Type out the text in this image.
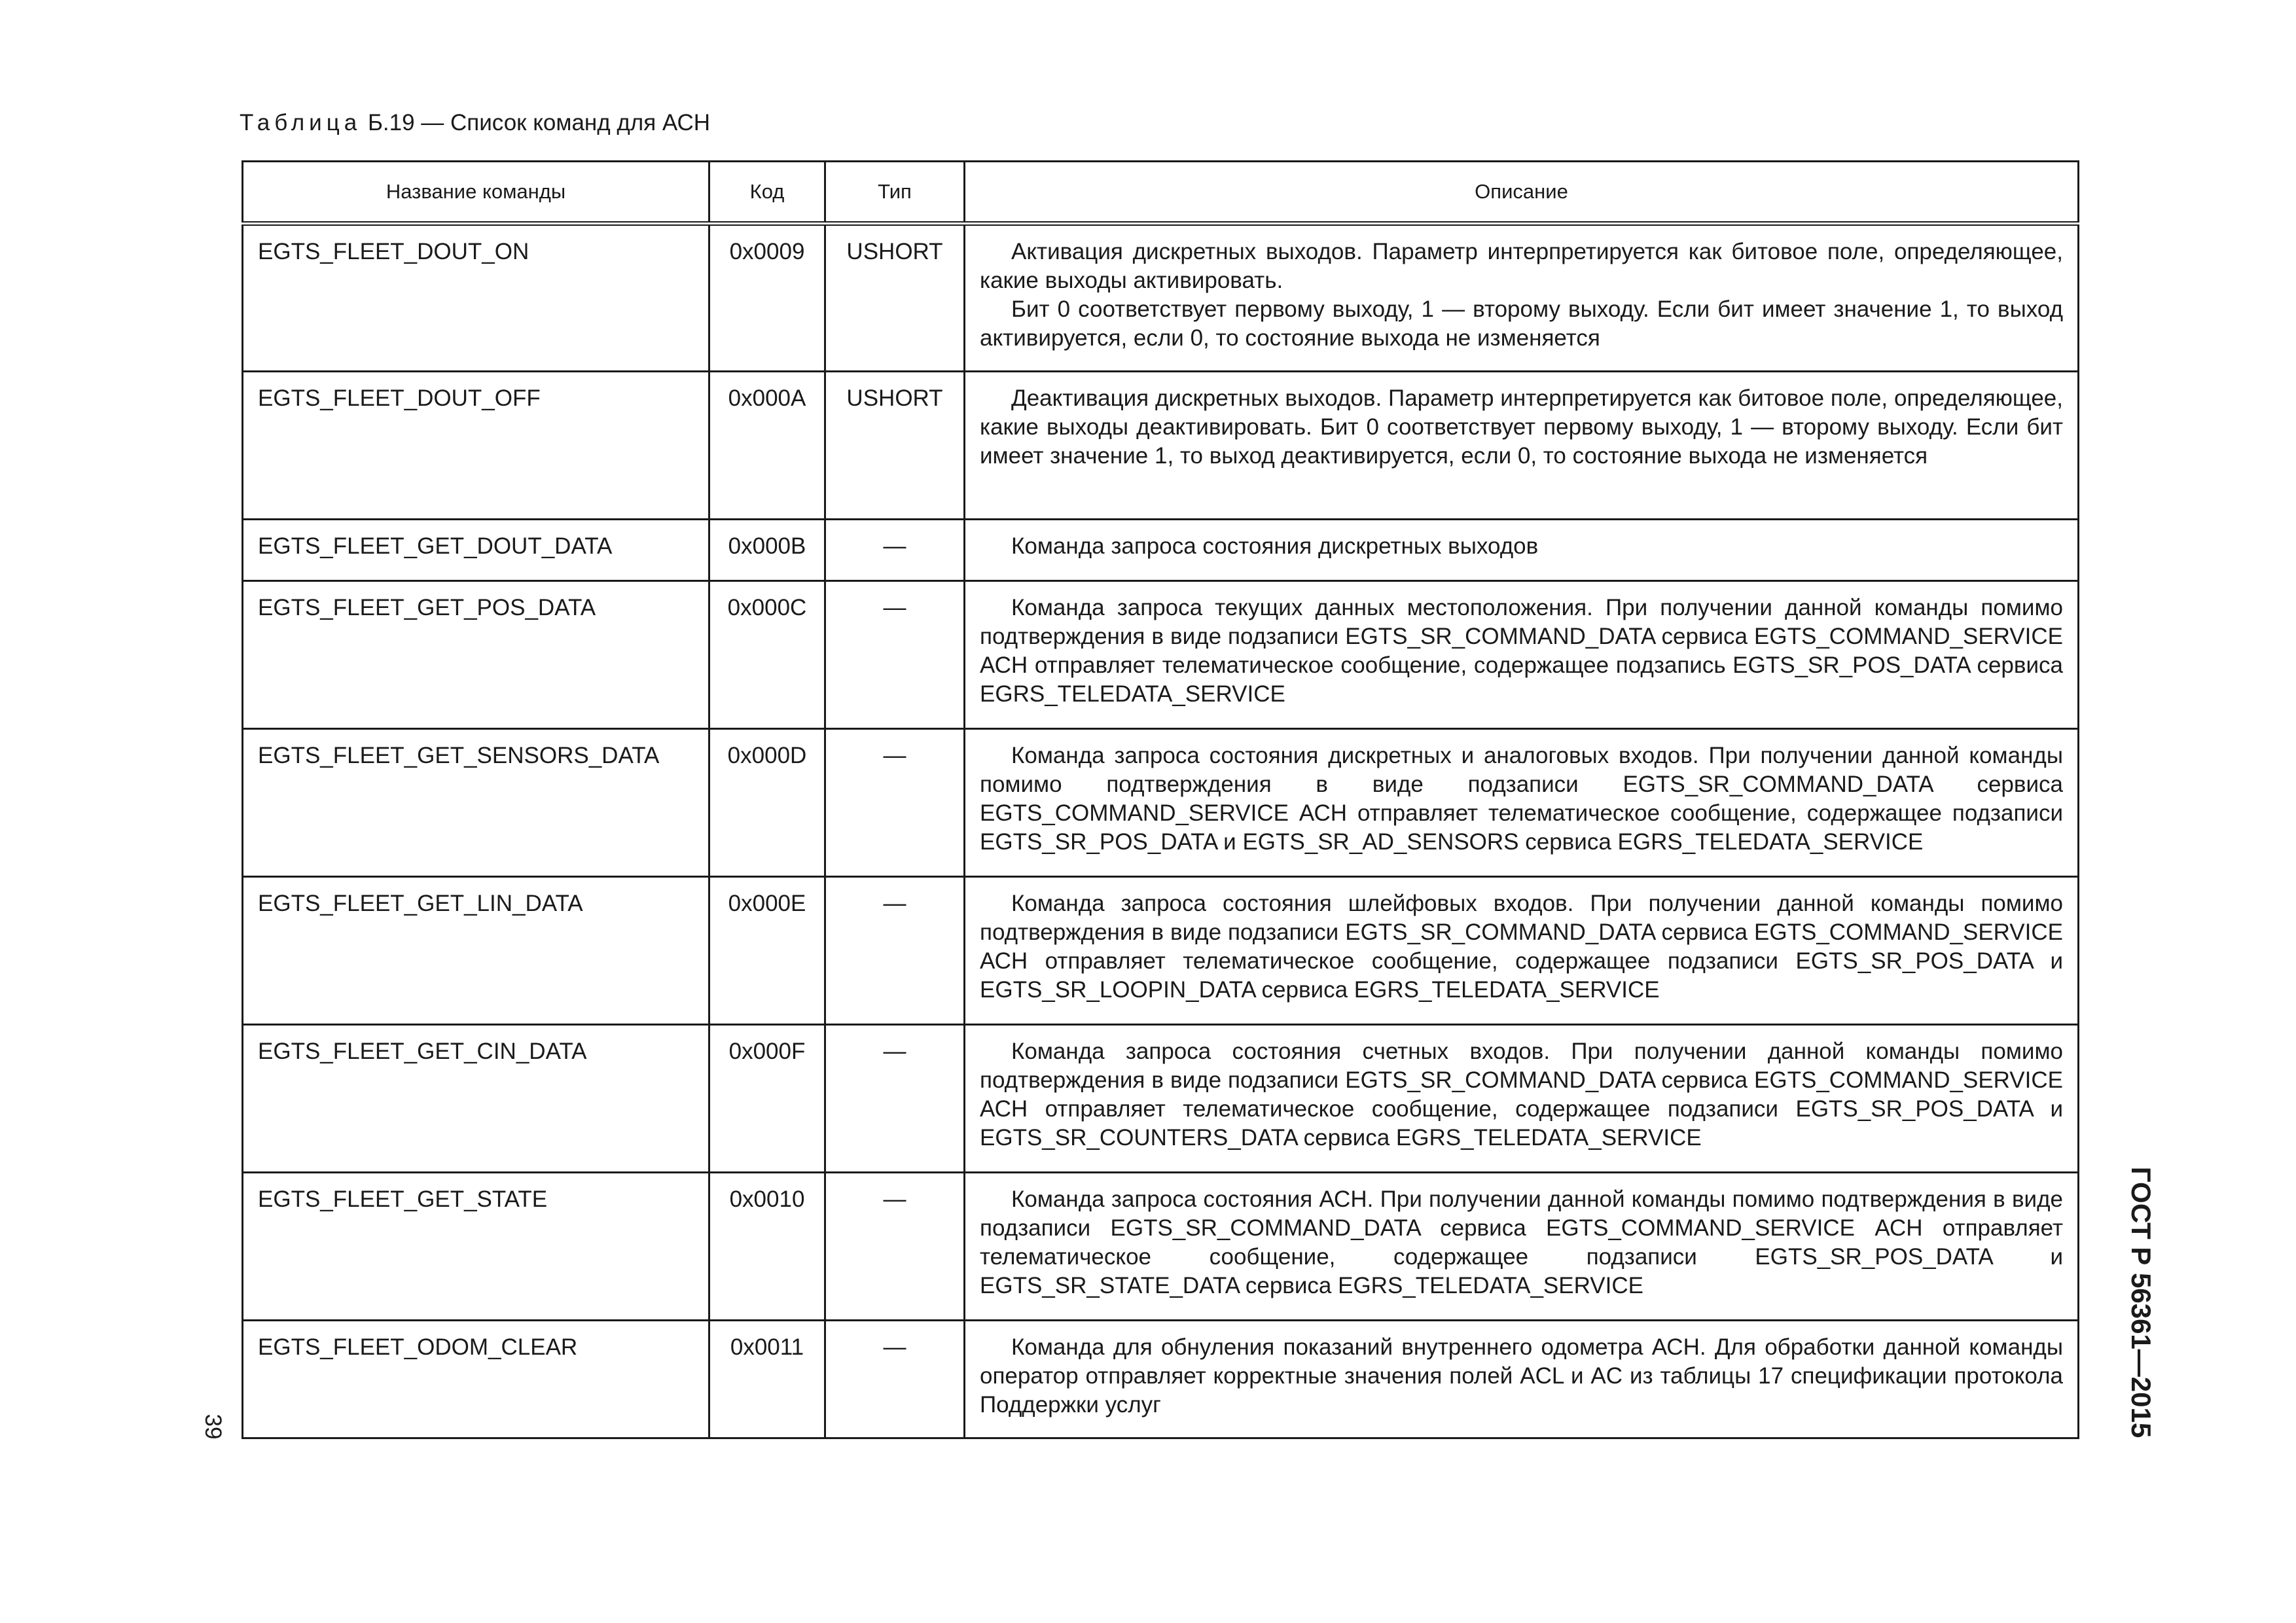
Таблица Б.19 — Список команд для АСН
Название команды	Код	Тип	Описание
EGTS_FLEET_DOUT_ON	0x0009	USHORT	Активация дискретных выходов. Параметр интерпретируется как битовое поле, определяющее, какие выходы активировать.

Бит 0 соответствует первому выходу, 1 — второму выходу. Если бит имеет значение 1, то выход активируется, если 0, то состояние выхода не изменяется

EGTS_FLEET_DOUT_OFF	0x000A	USHORT	Деактивация дискретных выходов. Параметр интерпретируется как битовое поле, определяющее, какие выходы деактивировать. Бит 0 соответствует первому выходу, 1 — второму выходу. Если бит имеет значение 1, то выход деактивируется, если 0, то состояние выхода не изменяется

EGTS_FLEET_GET_DOUT_DATA	0x000B	—	Команда запроса состояния дискретных выходов

EGTS_FLEET_GET_POS_DATA	0x000C	—	Команда запроса текущих данных местоположения. При получении данной команды помимо подтверждения в виде подзаписи EGTS_SR_COMMAND_DATA сервиса EGTS_COMMAND_SERVICE АСН отправляет телематическое сообщение, содержащее подзапись EGTS_SR_POS_DATA сервиса EGRS_TELEDATA_SERVICE

EGTS_FLEET_GET_SENSORS_DATA	0x000D	—	Команда запроса состояния дискретных и аналоговых входов. При получении данной команды помимо подтверждения в виде подзаписи EGTS_SR_COMMAND_DATA сервиса EGTS_COMMAND_SERVICE АСН отправляет телематическое сообщение, содержащее подзаписи EGTS_SR_POS_DATA и EGTS_SR_AD_SENSORS сервиса EGRS_TELEDATA_SERVICE

EGTS_FLEET_GET_LIN_DATA	0x000E	—	Команда запроса состояния шлейфовых входов. При получении данной команды помимо подтверждения в виде подзаписи EGTS_SR_COMMAND_DATA сервиса EGTS_COMMAND_SERVICE АСН отправляет телематическое сообщение, содержащее подзаписи EGTS_SR_POS_DATA и EGTS_SR_LOOPIN_DATA сервиса EGRS_TELEDATA_SERVICE

EGTS_FLEET_GET_CIN_DATA	0x000F	—	Команда запроса состояния счетных входов. При получении данной команды помимо подтверждения в виде подзаписи EGTS_SR_COMMAND_DATA сервиса EGTS_COMMAND_SERVICE АСН отправляет телематическое сообщение, содержащее подзаписи EGTS_SR_POS_DATA и EGTS_SR_COUNTERS_DATA сервиса EGRS_TELEDATA_SERVICE

EGTS_FLEET_GET_STATE	0x0010	—	Команда запроса состояния АСН. При получении данной команды помимо подтверждения в виде подзаписи EGTS_SR_COMMAND_DATA сервиса EGTS_COMMAND_SERVICE АСН отправляет телематическое сообщение, содержащее подзаписи EGTS_SR_POS_DATA и EGTS_SR_STATE_DATA сервиса EGRS_TELEDATA_SERVICE

EGTS_FLEET_ODOM_CLEAR	0x0011	—	Команда для обнуления показаний внутреннего одометра АСН. Для обработки данной команды оператор отправляет корректные значения полей ACL и AC из таблицы 17 спецификации протокола Поддержки услуг	ГОСТ Р 56361—2015
39
